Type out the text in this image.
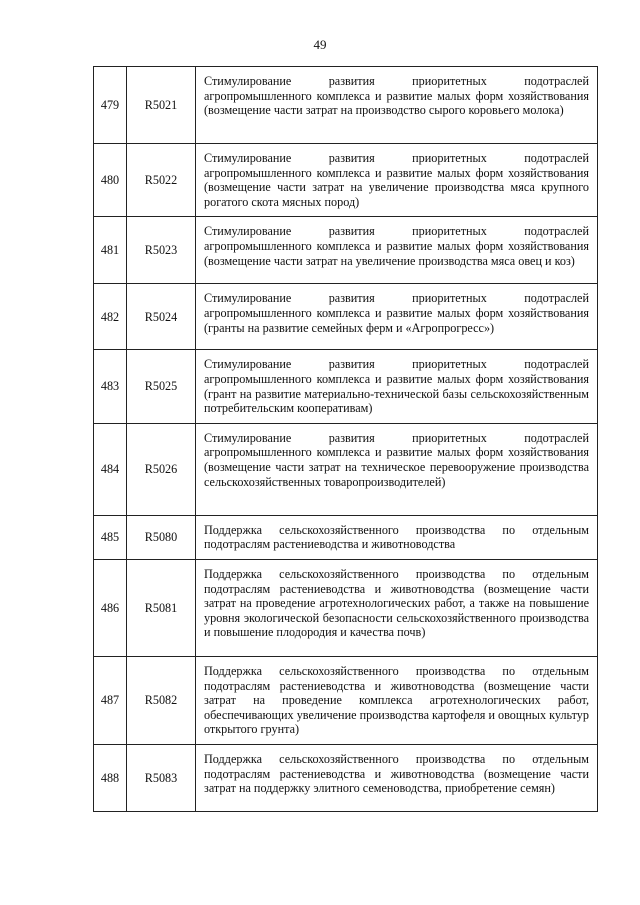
49
479	R5021	Стимулирование развития приоритетных подотраслей агропромышленного комплекса и развитие малых форм хозяйствования (возмещение части затрат на производство сырого коровьего молока)
480	R5022	Стимулирование развития приоритетных подотраслей агропромышленного комплекса и развитие малых форм хозяйствования (возмещение части затрат на увеличение производства мяса крупного рогатого скота мясных пород)
481	R5023	Стимулирование развития приоритетных подотраслей агропромышленного комплекса и развитие малых форм хозяйствования (возмещение части затрат на увеличение производства мяса овец и коз)
482	R5024	Стимулирование развития приоритетных подотраслей агропромышленного комплекса и развитие малых форм хозяйствования (гранты на развитие семейных ферм и «Агропрогресс»)
483	R5025	Стимулирование развития приоритетных подотраслей агропромышленного комплекса и развитие малых форм хозяйствования (грант на развитие материально-технической базы сельскохозяйственным потребительским кооперативам)
484	R5026	Стимулирование развития приоритетных подотраслей агропромышленного комплекса и развитие малых форм хозяйствования (возмещение части затрат на техническое перевооружение производства сельскохозяйственных товаропроизводителей)
485	R5080	Поддержка сельскохозяйственного производства по отдельным подотраслям растениеводства и животноводства
486	R5081	Поддержка сельскохозяйственного производства по отдельным подотраслям растениеводства и животноводства (возмещение части затрат на проведение агротехнологических работ, а также на повышение уровня экологической безопасности сельскохозяйственного производства и повышение плодородия и качества почв)
487	R5082	Поддержка сельскохозяйственного производства по отдельным подотраслям растениеводства и животноводства (возмещение части затрат на проведение комплекса агротехнологических работ, обеспечивающих увеличение производства картофеля и овощных культур открытого грунта)
488	R5083	Поддержка сельскохозяйственного производства по отдельным подотраслям растениеводства и животноводства (возмещение части затрат на поддержку элитного семеноводства, приобретение семян)
